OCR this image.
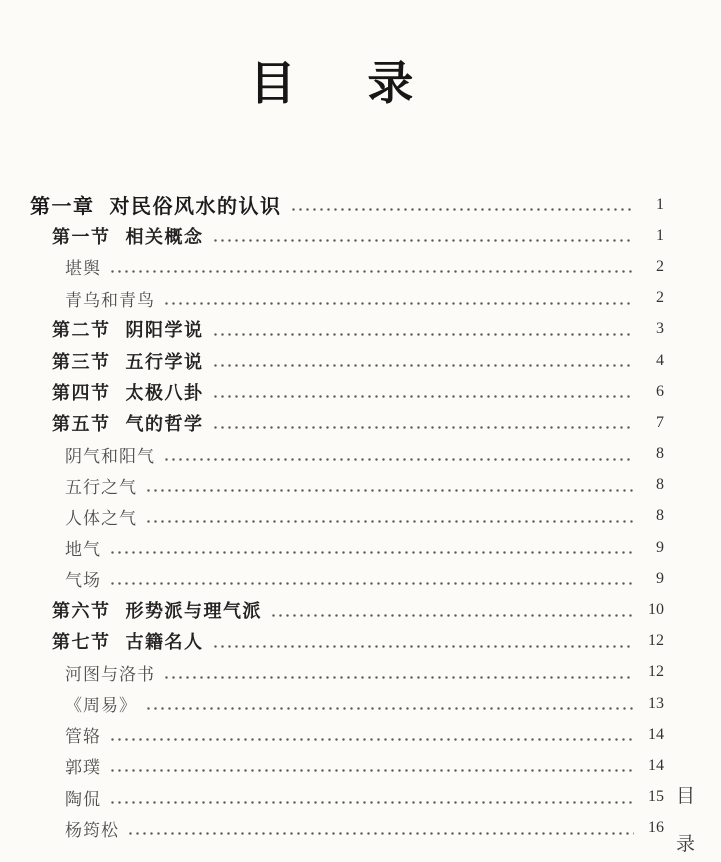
目　录
第一章 对民俗风水的认识	1
第一节 相关概念	1
堪舆	2
青乌和青鸟	2
第二节 阴阳学说	3
第三节 五行学说	4
第四节 太极八卦	6
第五节 气的哲学	7
阴气和阳气	8
五行之气	8
人体之气	8
地气	9
气场	9
第六节 形势派与理气派	10
第七节 古籍名人	12
河图与洛书	12
《周易》	13
管辂	14
郭璞	14
陶侃	15
杨筠松	16
目
录
